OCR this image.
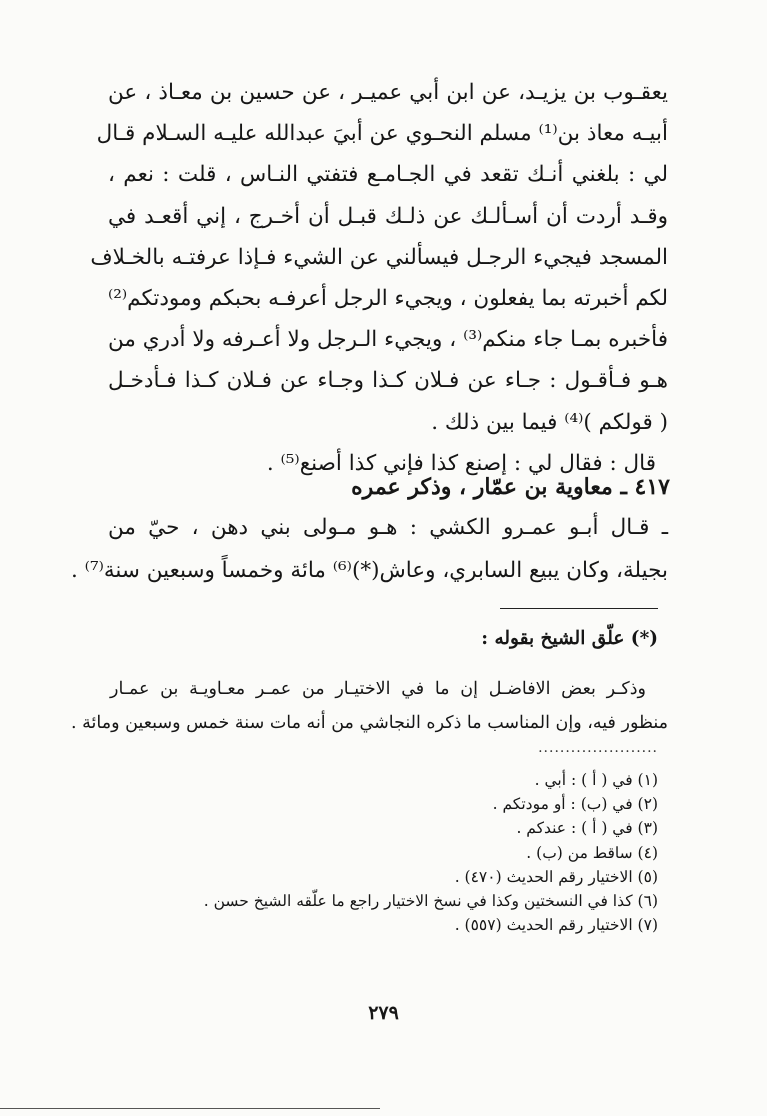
يعقـوب بن يزيـد، عن ابن أبي عميـر ، عن حسين بن معـاذ ، عن
أبيـه معاذ بن⁽¹⁾ مسلم النحـوي عن أبيَ عبدالله عليـه السـلام قـال
لي : بلغني أنـك تقعد في الجـامـع فتفتي النـاس ، قلت : نعم ،
وقـد أردت أن أسـألـك عن ذلـك قبـل أن أخـرج ، إني أقعـد في
المسجد فيجيء الرجـل فيسألني عن الشيء فـإذا عرفتـه بالخـلاف
لكم أخبرته بما يفعلون ، ويجيء الرجل أعرفـه بحبكم ومودتكم⁽²⁾
فأخبره بمـا جاء منكم⁽³⁾ ، ويجيء الـرجل ولا أعـرفه ولا أدري من
هـو فـأقـول : جـاء عن فـلان كـذا وجـاء عن فـلان كـذا فـأدخـل
( قولكم )⁽⁴⁾ فيما بين ذلك .
قال : فقال لي : إصنع كذا فإني كذا أصنع⁽⁵⁾ .
٤١٧ ـ معاوية بن عمّار ، وذكر عمره
ـ قـال أبـو عمـرو الكشي : هـو مـولى بني دهن ، حيّ من
بجيلة، وكان يبيع السابري، وعاش(*)⁽⁶⁾ مائة وخمساً وسبعين سنة⁽⁷⁾ .
(*) علّق الشيخ بقوله :
وذكـر بعض الافاضـل إن ما في الاختيـار من عمـر معـاويـة بن عمـار
منظور فيه، وإن المناسب ما ذكره النجاشي من أنه مات سنة خمس وسبعين ومائة .
......................
(١) في ( أ ) : أبي .
(٢) في (ب) : أو مودتكم .
(٣) في ( أ ) : عندكم .
(٤) ساقط من (ب) .
(٥) الاختيار رقم الحديث (٤٧٠) .
(٦) كذا في النسختين وكذا في نسخ الاختيار راجع ما علّقه الشيخ حسن .
(٧) الاختيار رقم الحديث (٥٥٧) .
٢٧٩
